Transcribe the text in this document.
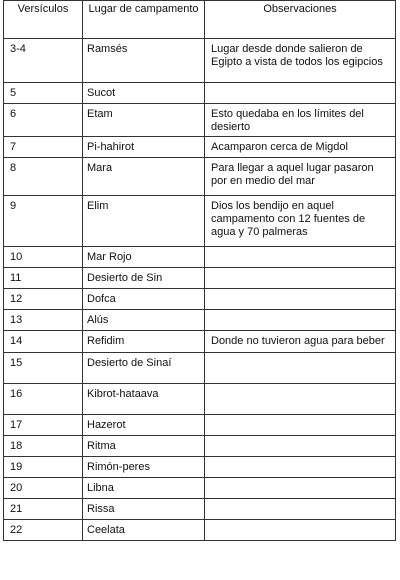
Versículos	Lugar de campamento	Observaciones

3-4	Ramsés	Lugar desde donde salieron de Egipto a vista de todos los egipcios

5	Sucot	

6	Etam	Esto quedaba en los límites del desierto

7	Pi-hahirot	Acamparon cerca de Migdol

8	Mara	Para llegar a aquel lugar pasaron por en medio del mar

9	Elim	Dios los bendijo en aquel campamento con 12 fuentes de agua y 70 palmeras

10	Mar Rojo	

11	Desierto de Sin	

12	Dofca	

13	Alús	

14	Refidim	Donde no tuvieron agua para beber

15	Desierto de Sinaí	

16	Kibrot-hataava	

17	Hazerot	

18	Ritma	

19	Rimón-peres	

20	Libna	

21	Rissa	

22	Ceelata	
